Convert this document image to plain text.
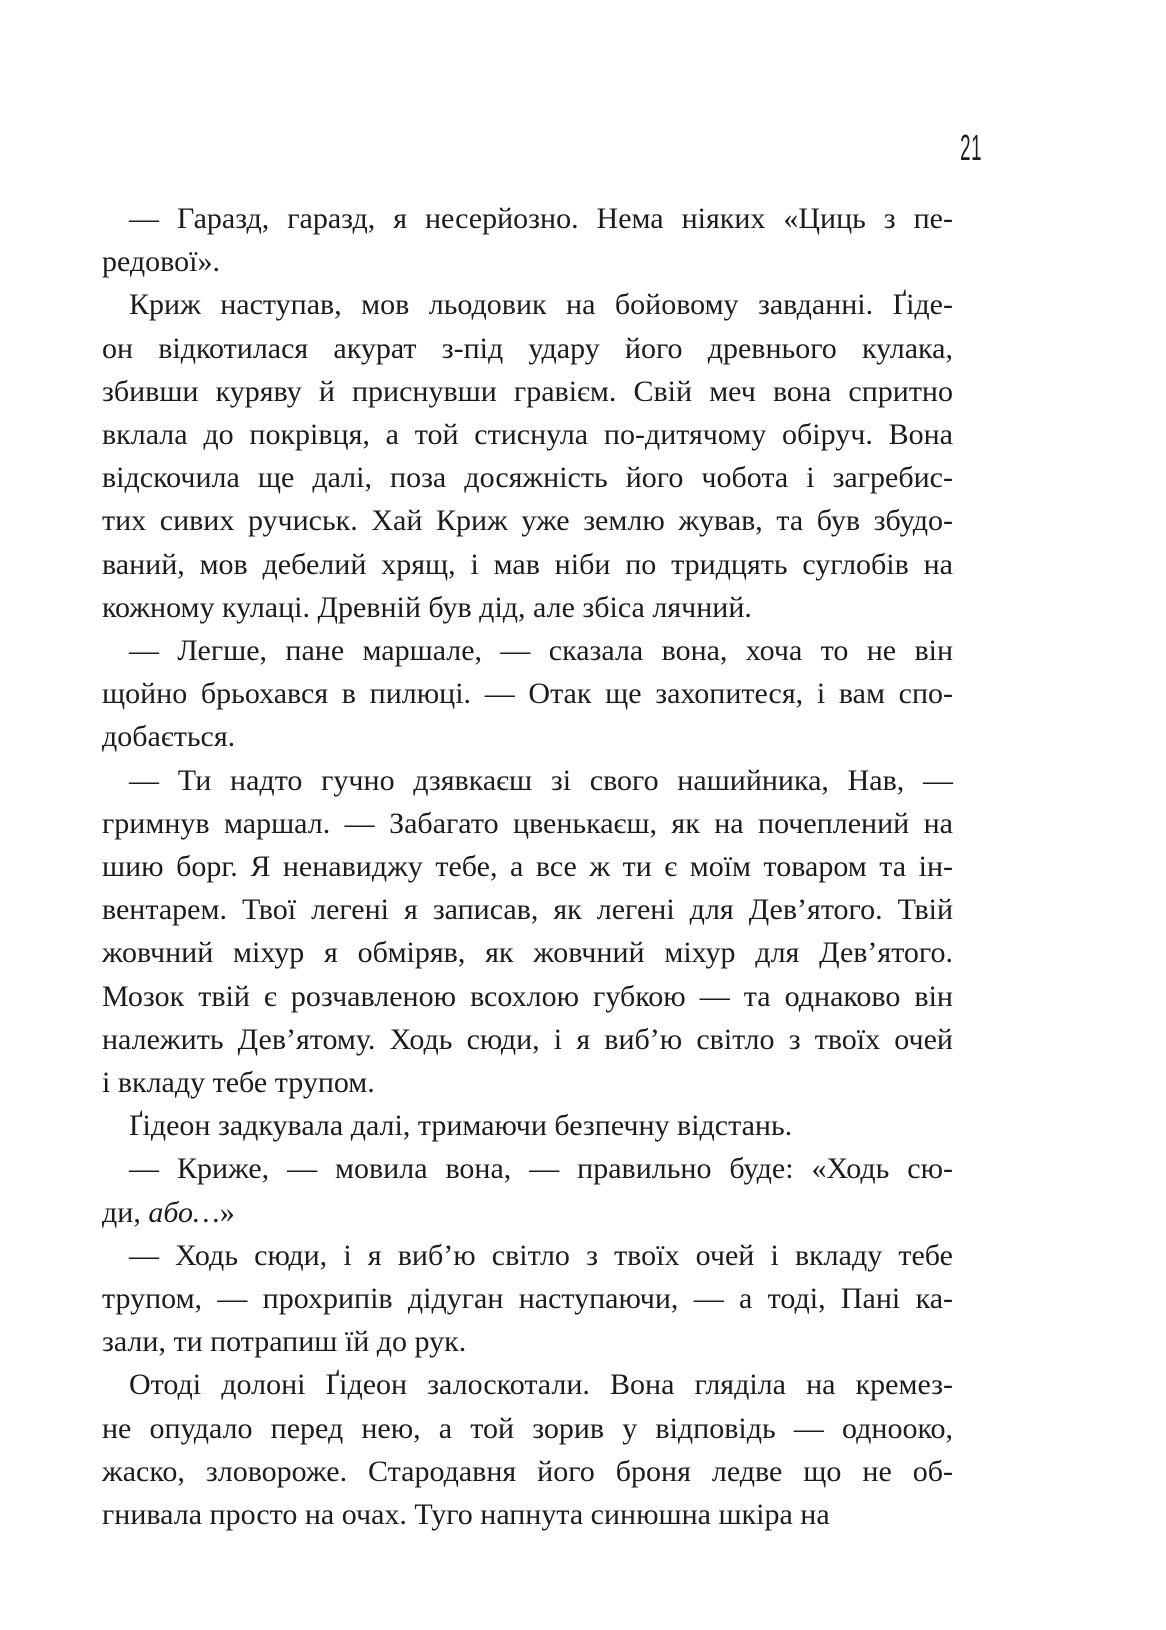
21
— Гаразд, гаразд, я несерйозно. Нема ніяких «Циць з пе-
редової».
Криж наступав, мов льодовик на бойовому завданні. Ґіде-
он відкотилася акурат з-під удару його древнього кулака,
збивши куряву й приснувши гравієм. Свій меч вона спритно
вклала до покрівця, а той стиснула по-дитячому обіруч. Вона
відскочила ще далі, поза досяжність його чобота і загребис-
тих сивих ручиськ. Хай Криж уже землю жував, та був збудо-
ваний, мов дебелий хрящ, і мав ніби по тридцять суглобів на
кожному кулаці. Древній був дід, але збіса лячний.
— Легше, пане маршале, — сказала вона, хоча то не він
щойно брьохався в пилюці. — Отак ще захопитеся, і вам спо-
добається.
— Ти надто гучно дзявкаєш зі свого нашийника, Нав, —
гримнув маршал. — Забагато цвенькаєш, як на почеплений на
шию борг. Я ненавиджу тебе, а все ж ти є моїм товаром та ін-
вентарем. Твої легені я записав, як легені для Дев’ятого. Твій
жовчний міхур я обміряв, як жовчний міхур для Дев’ятого.
Мозок твій є розчавленою всохлою губкою — та однаково він
належить Дев’ятому. Ходь сюди, і я виб’ю світло з твоїх очей
і вкладу тебе трупом.
Ґідеон задкувала далі, тримаючи безпечну відстань.
— Криже, — мовила вона, — правильно буде: «Ходь сю-
ди, або…»
— Ходь сюди, і я виб’ю світло з твоїх очей і вкладу тебе
трупом, — прохрипів дідуган наступаючи, — а тоді, Пані ка-
зали, ти потрапиш їй до рук.
Отоді долоні Ґідеон залоскотали. Вона гляділа на кремез-
не опудало перед нею, а той зорив у відповідь — однооко,
жаско, зловороже. Стародавня його броня ледве що не об-
гнивала просто на очах. Туго напнута синюшна шкіра на
